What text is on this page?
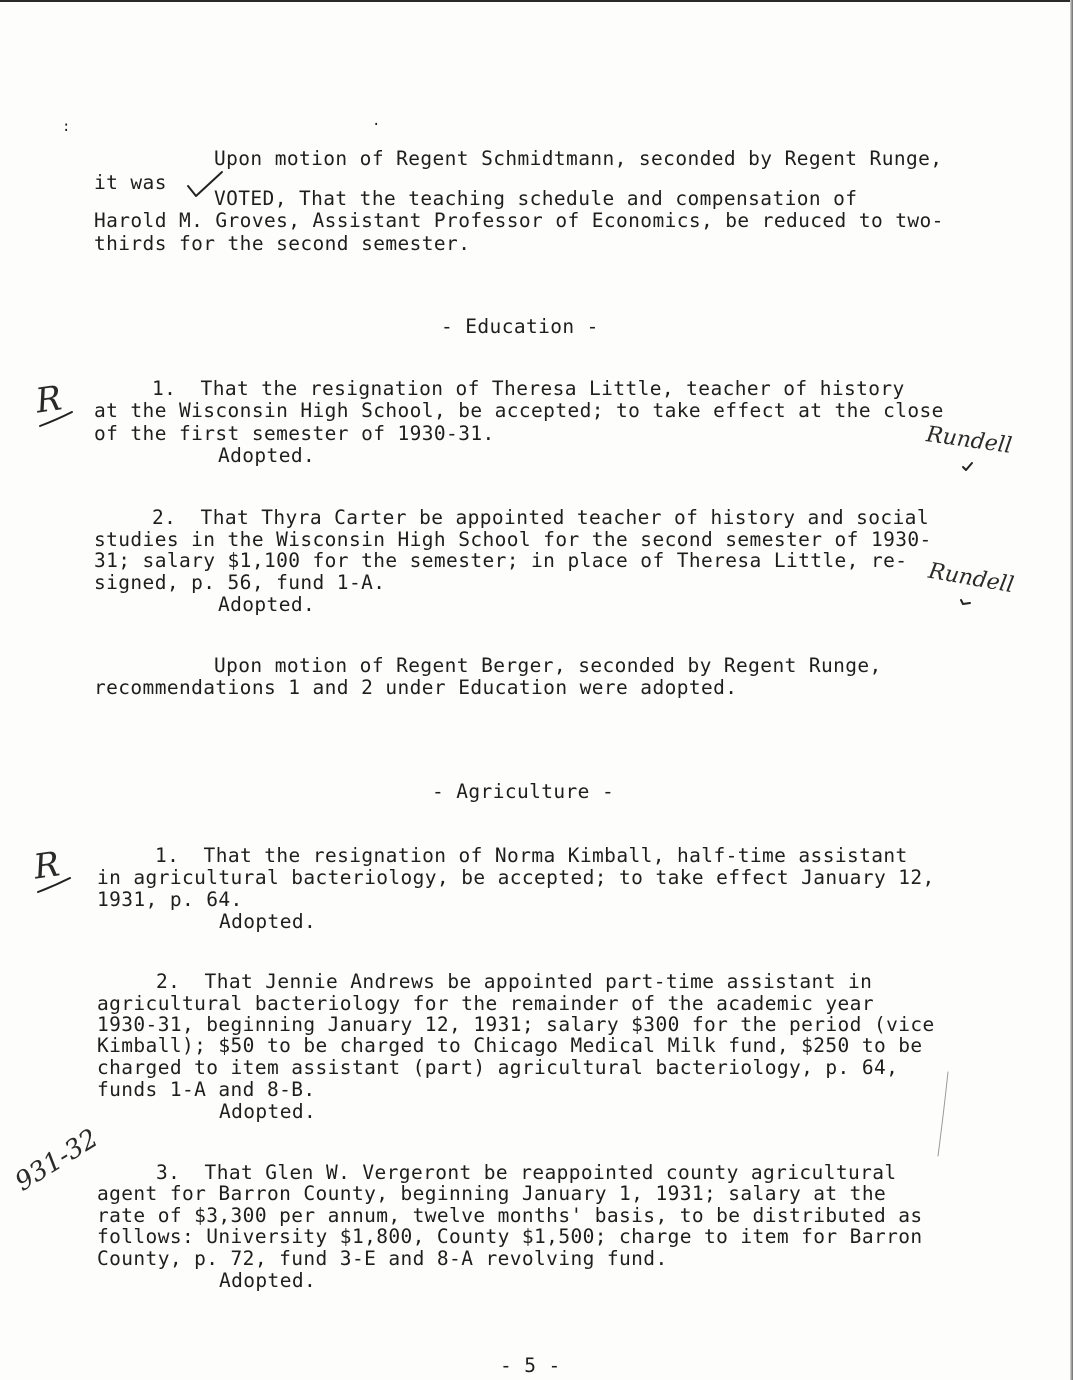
:	·
Upon motion of Regent Schmidtmann, seconded by Regent Runge,
it was
VOTED, That the teaching schedule and compensation of
Harold M. Groves, Assistant Professor of Economics, be reduced to two-
thirds for the second semester.
- Education -
R	1.  That the resignation of Theresa Little, teacher of history
at the Wisconsin High School, be accepted; to take effect at the close
of the first semester of 1930-31.
Adopted.	Rundell
2.  That Thyra Carter be appointed teacher of history and social
studies in the Wisconsin High School for the second semester of 1930-
31; salary $1,100 for the semester; in place of Theresa Little, re-
signed, p. 56, fund 1-A.
Adopted.
Rundell
Upon motion of Regent Berger, seconded by Regent Runge,
recommendations 1 and 2 under Education were adopted.
- Agriculture -
R	1.  That the resignation of Norma Kimball, half-time assistant
in agricultural bacteriology, be accepted; to take effect January 12,
1931, p. 64.
Adopted.
2.  That Jennie Andrews be appointed part-time assistant in
agricultural bacteriology for the remainder of the academic year
1930-31, beginning January 12, 1931; salary $300 for the period (vice
Kimball); $50 to be charged to Chicago Medical Milk fund, $250 to be
charged to item assistant (part) agricultural bacteriology, p. 64,
funds 1-A and 8-B.
Adopted.
931-32	3.  That Glen W. Vergeront be reappointed county agricultural
agent for Barron County, beginning January 1, 1931; salary at the
rate of $3,300 per annum, twelve months' basis, to be distributed as
follows: University $1,800, County $1,500; charge to item for Barron
County, p. 72, fund 3-E and 8-A revolving fund.
Adopted.
- 5 -
